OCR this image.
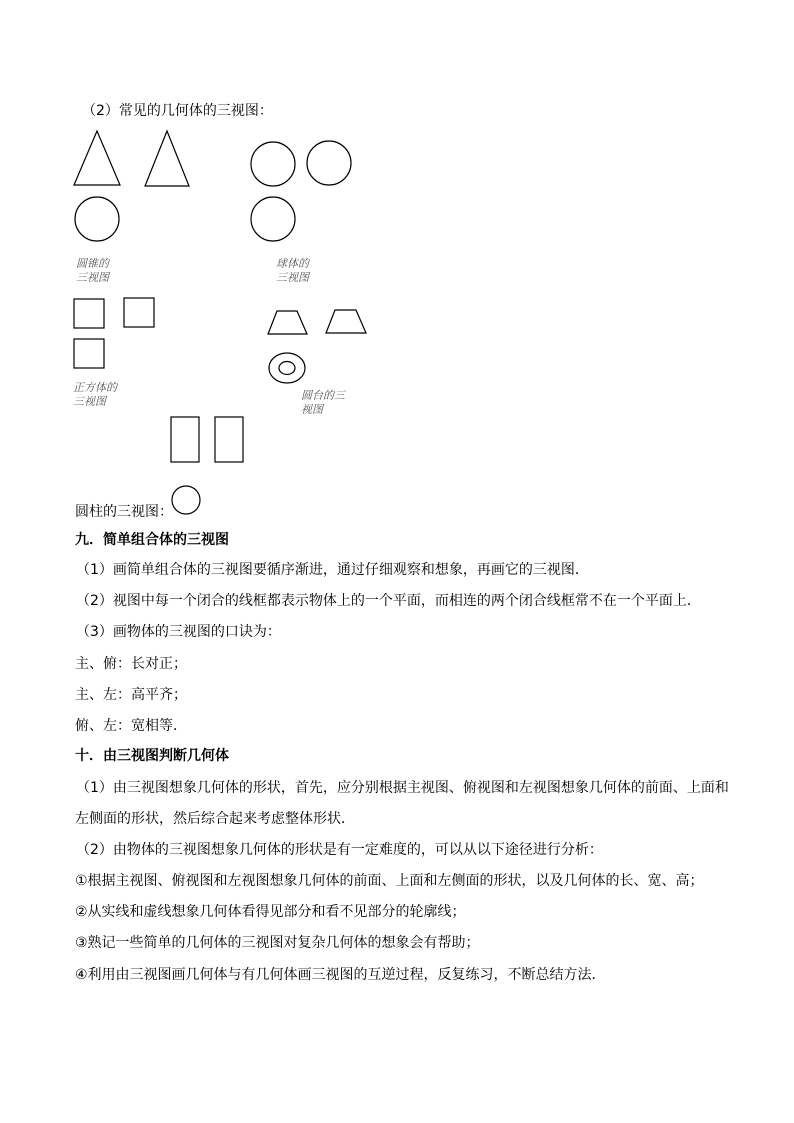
（2）常见的几何体的三视图：
圆锥的
三视图
球体的
三视图
正方体的
三视图	圆台的三
视图
圆柱的三视图：
九．简单组合体的三视图
（1）画简单组合体的三视图要循序渐进，通过仔细观察和想象，再画它的三视图．
（2）视图中每一个闭合的线框都表示物体上的一个平面，而相连的两个闭合线框常不在一个平面上．
（3）画物体的三视图的口诀为：
主、俯：长对正；
主、左：高平齐；
俯、左：宽相等．
十．由三视图判断几何体
（1）由三视图想象几何体的形状，首先，应分别根据主视图、俯视图和左视图想象几何体的前面、上面和
左侧面的形状，然后综合起来考虑整体形状．
（2）由物体的三视图想象几何体的形状是有一定难度的，可以从以下途径进行分析：
①根据主视图、俯视图和左视图想象几何体的前面、上面和左侧面的形状，以及几何体的长、宽、高；
②从实线和虚线想象几何体看得见部分和看不见部分的轮廓线；
③熟记一些简单的几何体的三视图对复杂几何体的想象会有帮助；
④利用由三视图画几何体与有几何体画三视图的互逆过程，反复练习，不断总结方法．
